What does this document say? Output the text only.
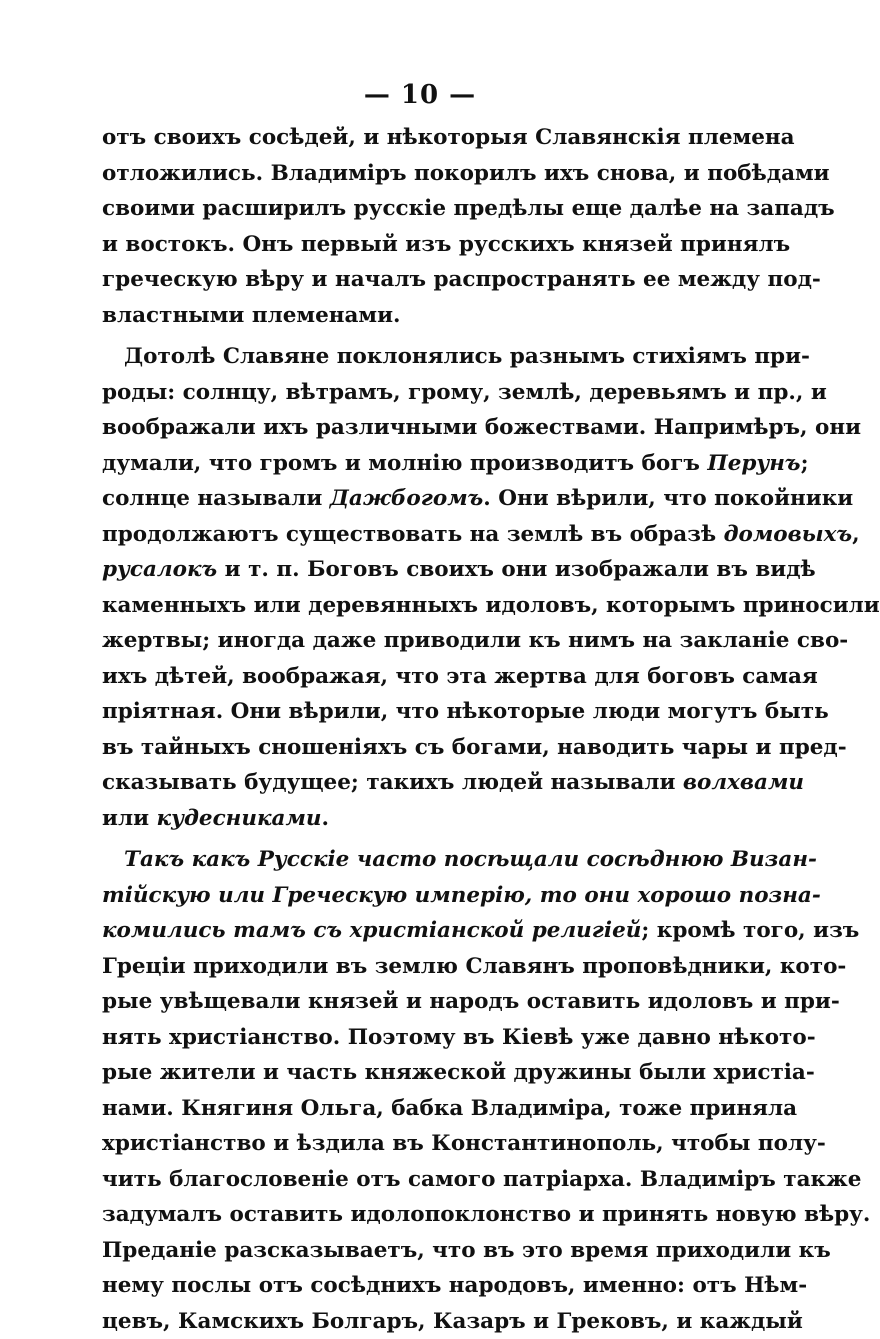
— 10 —
отъ своихъ сосѣдей, и нѣкоторыя Славянскія племена
отложились. Владиміръ покорилъ ихъ снова, и побѣдами
своими расширилъ русскіе предѣлы еще далѣе на западъ
и востокъ. Онъ первый изъ русскихъ князей принялъ
греческую вѣру и началъ распространять ее между под-
властными племенами.
Дотолѣ Славяне поклонялись разнымъ стихіямъ при-
роды: солнцу, вѣтрамъ, грому, землѣ, деревьямъ и пр., и
воображали ихъ различными божествами. Напримѣръ, они
думали, что громъ и молнію производитъ богъ Перунъ;
солнце называли Дажбогомъ. Они вѣрили, что покойники
продолжаютъ существовать на землѣ въ образѣ домовыхъ,
русалокъ и т. п. Боговъ своихъ они изображали въ видѣ
каменныхъ или деревянныхъ идоловъ, которымъ приносили
жертвы; иногда даже приводили къ нимъ на закланіе сво-
ихъ дѣтей, воображая, что эта жертва для боговъ самая
пріятная. Они вѣрили, что нѣкоторые люди могутъ быть
въ тайныхъ сношеніяхъ съ богами, наводить чары и пред-
сказывать будущее; такихъ людей называли волхвами
или кудесниками.
Такъ какъ Русскіе часто посѣщали сосѣднюю Визан-
тійскую или Греческую имперію, то они хорошо позна-
комились тамъ съ христіанской религіей; кромѣ того, изъ
Греціи приходили въ землю Славянъ проповѣдники, кото-
рые увѣщевали князей и народъ оставить идоловъ и при-
нять христіанство. Поэтому въ Кіевѣ уже давно нѣкото-
рые жители и часть княжеской дружины были христіа-
нами. Княгиня Ольга, бабка Владиміра, тоже приняла
христіанство и ѣздила въ Константинополь, чтобы полу-
чить благословеніе отъ самого патріарха. Владиміръ также
задумалъ оставить идолопоклонство и принять новую вѣру.
Преданіе разсказываетъ, что въ это время приходили къ
нему послы отъ сосѣднихъ народовъ, именно: отъ Нѣм-
цевъ, Камскихъ Болгаръ, Казаръ и Грековъ, и каждый
